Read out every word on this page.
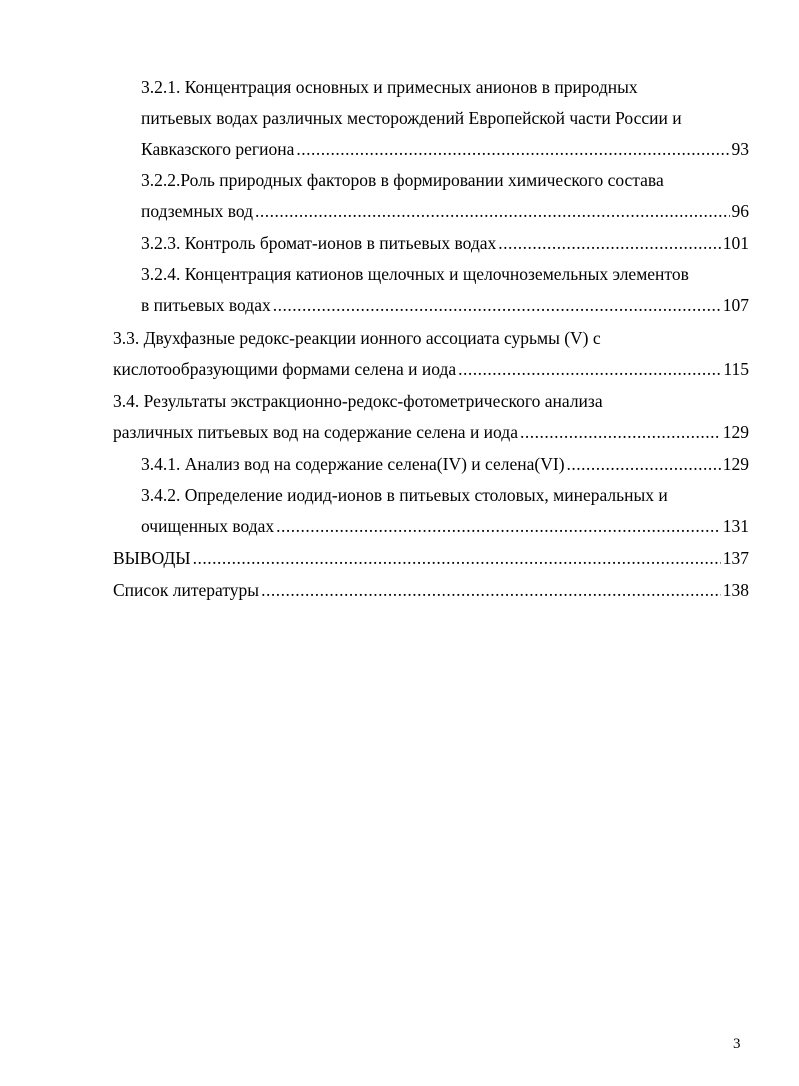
3.2.1. Концентрация основных и примесных анионов в природных
питьевых водах различных месторождений Европейской части России и
Кавказского региона .....	93
3.2.2.Роль природных факторов в формировании химического состава
подземных вод .....	96
3.2.3. Контроль бромат-ионов в питьевых водах .....	101
3.2.4. Концентрация катионов щелочных и щелочноземельных элементов
в питьевых водах .....	107
3.3. Двухфазные редокс-реакции ионного ассоциата сурьмы (V) с
кислотообразующими формами селена и иода .....	115
3.4. Результаты экстракционно-редокс-фотометрического анализа
различных питьевых вод на содержание селена и иода .....	129
3.4.1. Анализ вод на содержание селена(IV) и селена(VI) .....	129
3.4.2. Определение иодид-ионов в питьевых столовых, минеральных и
очищенных водах .....	131
ВЫВОДЫ .....	137
Список литературы .....	138
3
